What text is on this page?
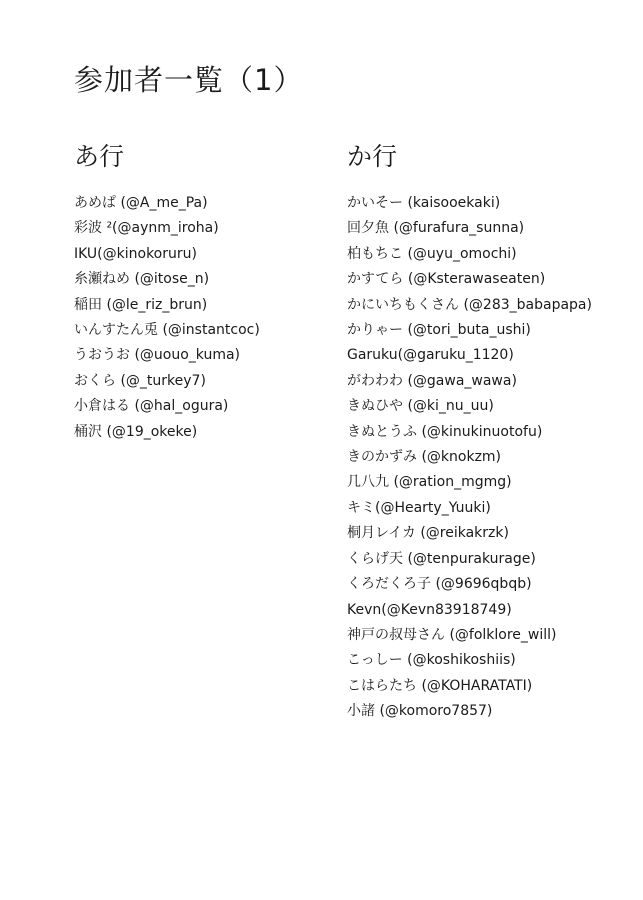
参加者一覧（1）
あ行
あめぱ (@A_me_Pa)
彩波 ²(@aynm_iroha)
IKU(@kinokoruru)
糸瀬ねめ (@itose_n)
稲田 (@le_riz_brun)
いんすたん兎 (@instantcoc)
うおうお (@uouo_kuma)
おくら (@_turkey7)
小倉はる (@hal_ogura)
桶沢 (@19_okeke)
か行
かいそー (kaisooekaki)
回夕魚 (@furafura_sunna)
柏もちこ (@uyu_omochi)
かすてら (@Ksterawaseaten)
かにいちもくさん (@283_babapapa)
かりゃー (@tori_buta_ushi)
Garuku(@garuku_1120)
がわわわ (@gawa_wawa)
きぬひや (@ki_nu_uu)
きぬとうふ (@kinukinuotofu)
きのかずみ (@knokzm)
几八九 (@ration_mgmg)
キミ(@Hearty_Yuuki)
桐月レイカ (@reikakrzk)
くらげ天 (@tenpurakurage)
くろだくろ子 (@9696qbqb)
Kevn(@Kevn83918749)
神戸の叔母さん (@folklore_will)
こっしー (@koshikoshiis)
こはらたち (@KOHARATATI)
小諸 (@komoro7857)
